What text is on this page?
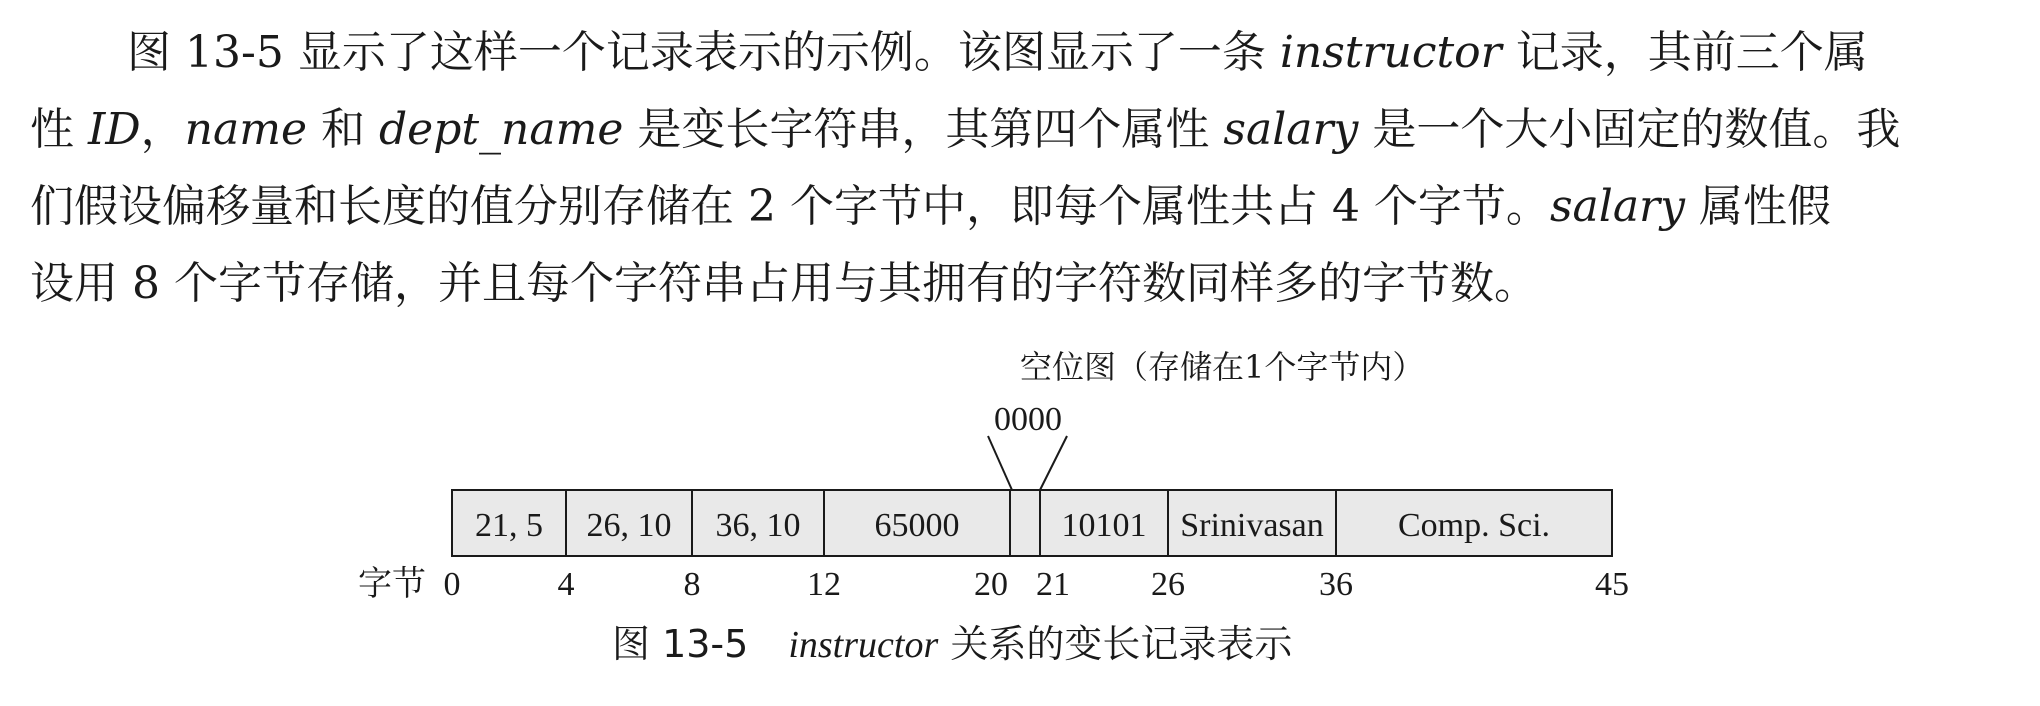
图 13-5 显示了这样一个记录表示的示例。该图显示了一条 instructor 记录，其前三个属
性 ID，name 和 dept_name 是变长字符串，其第四个属性 salary 是一个大小固定的数值。我
们假设偏移量和长度的值分别存储在 2 个字节中，即每个属性共占 4 个字节。salary 属性假
设用 8 个字节存储，并且每个字符串占用与其拥有的字符数同样多的字节数。
空位图（存储在1个字节内）
0000
21, 5 26, 10 36, 10 65000	10101 Srinivasan Comp. Sci.
字节 0	4	8	12	20 21 26	36	45
图 13-5 instructor 关系的变长记录表示
